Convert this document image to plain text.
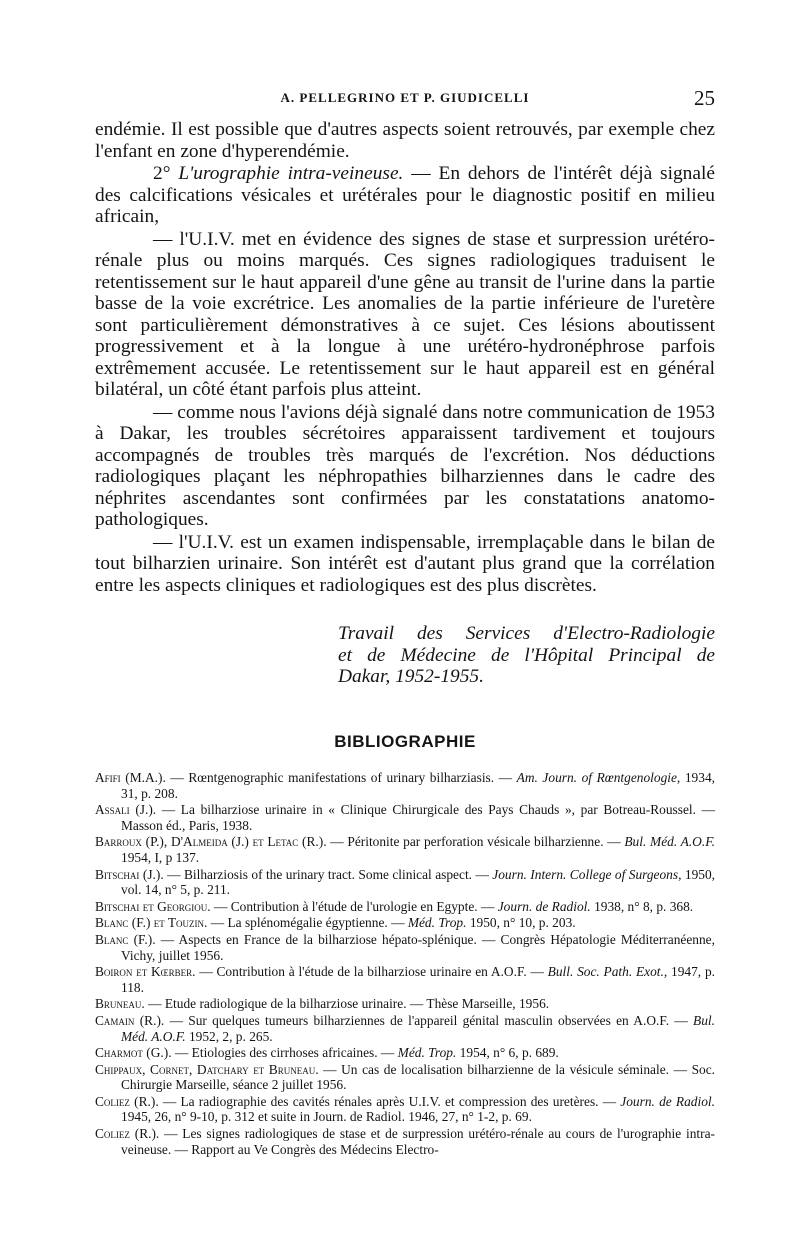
A. PELLEGRINO ET P. GIUDICELLI	25

endémie. Il est possible que d'autres aspects soient retrouvés, par exemple chez l'enfant en zone d'hyperendémie.

2° L'urographie intra-veineuse. — En dehors de l'intérêt déjà signalé des calcifications vésicales et urétérales pour le diagnostic positif en milieu africain,

— l'U.I.V. met en évidence des signes de stase et surpression urétéro-rénale plus ou moins marqués. Ces signes radiologiques traduisent le retentissement sur le haut appareil d'une gêne au transit de l'urine dans la partie basse de la voie excrétrice. Les anomalies de la partie inférieure de l'uretère sont particulièrement démonstratives à ce sujet. Ces lésions aboutissent progressivement et à la longue à une urétéro-hydronéphrose parfois extrêmement accusée. Le retentissement sur le haut appareil est en général bilatéral, un côté étant parfois plus atteint.

— comme nous l'avions déjà signalé dans notre communication de 1953 à Dakar, les troubles sécrétoires apparaissent tardivement et toujours accompagnés de troubles très marqués de l'excrétion. Nos déductions radiologiques plaçant les néphropathies bilharziennes dans le cadre des néphrites ascendantes sont confirmées par les constatations anatomo-pathologiques.

— l'U.I.V. est un examen indispensable, irremplaçable dans le bilan de tout bilharzien urinaire. Son intérêt est d'autant plus grand que la corrélation entre les aspects cliniques et radiologiques est des plus discrètes.

Travail des Services d'Electro-Radiologie
et de Médecine de l'Hôpital Principal de
Dakar, 1952-1955.
BIBLIOGRAPHIE
Afifi (M.A.). — Rœntgenographic manifestations of urinary bilharziasis. — Am. Journ. of Rœntgenologie, 1934, 31, p. 208.
Assali (J.). — La bilharziose urinaire in « Clinique Chirurgicale des Pays Chauds », par Botreau-Roussel. — Masson éd., Paris, 1938.
Barroux (P.), D'Almeida (J.) et Letac (R.). — Péritonite par perforation vésicale bilharzienne. — Bul. Méd. A.O.F. 1954, I, p 137.
Bitschai (J.). — Bilharziosis of the urinary tract. Some clinical aspect. — Journ. Intern. College of Surgeons, 1950, vol. 14, n° 5, p. 211.
Bitschai et Georgiou. — Contribution à l'étude de l'urologie en Egypte. — Journ. de Radiol. 1938, n° 8, p. 368.
Blanc (F.) et Touzin. — La splénomégalie égyptienne. — Méd. Trop. 1950, n° 10, p. 203.
Blanc (F.). — Aspects en France de la bilharziose hépato-splénique. — Congrès Hépatologie Méditerranéenne, Vichy, juillet 1956.
Boiron et Kœrber. — Contribution à l'étude de la bilharziose urinaire en A.O.F. — Bull. Soc. Path. Exot., 1947, p. 118.
Bruneau. — Etude radiologique de la bilharziose urinaire. — Thèse Marseille, 1956.
Camain (R.). — Sur quelques tumeurs bilharziennes de l'appareil génital masculin observées en A.O.F. — Bul. Méd. A.O.F. 1952, 2, p. 265.
Charmot (G.). — Etiologies des cirrhoses africaines. — Méd. Trop. 1954, n° 6, p. 689.
Chippaux, Cornet, Datchary et Bruneau. — Un cas de localisation bilharzienne de la vésicule séminale. — Soc. Chirurgie Marseille, séance 2 juillet 1956.
Coliez (R.). — La radiographie des cavités rénales après U.I.V. et compression des uretères. — Journ. de Radiol. 1945, 26, n° 9-10, p. 312 et suite in Journ. de Radiol. 1946, 27, n° 1-2, p. 69.
Coliez (R.). — Les signes radiologiques de stase et de surpression urétéro-rénale au cours de l'urographie intra-veineuse. — Rapport au Ve Congrès des Médecins Electro-
